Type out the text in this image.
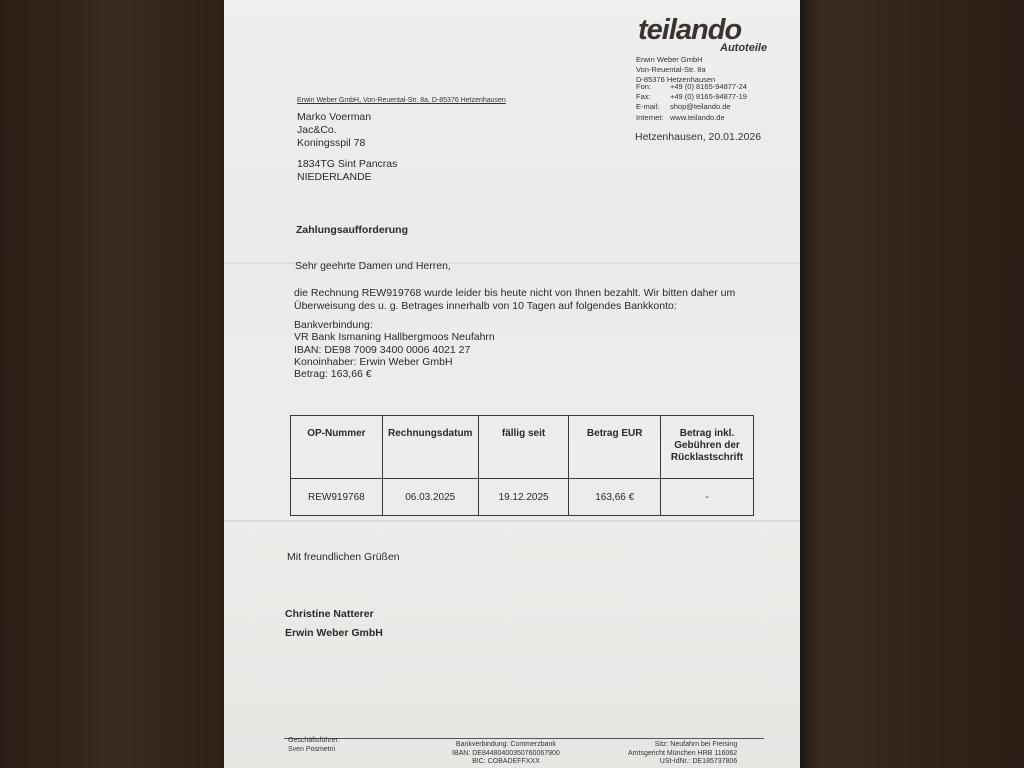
teilando
Autoteile
Erwin Weber GmbH
Von-Reuental-Str. 8a
D-85376 Hetzenhausen
Fon:	+49 (0) 8165-94877-24
Fax:	+49 (0) 8165-94877-19
E-mail:	shop@teilando.de
Internet: www.teilando.de
Hetzenhausen, 20.01.2026
Erwin Weber GmbH, Von-Reuental-Str. 8a, D-85376 Hetzenhausen
Marko Voerman
Jac&Co.
Koningsspil 78
1834TG Sint Pancras
NIEDERLANDE
Zahlungsaufforderung
Sehr geehrte Damen und Herren,
die Rechnung REW919768 wurde leider bis heute nicht von Ihnen bezahlt. Wir bitten daher um
Überweisung des u. g. Betrages innerhalb von 10 Tagen auf folgendes Bankkonto:
Bankverbindung:
VR Bank Ismaning Hallbergmoos Neufahrn
IBAN: DE98 7009 3400 0006 4021 27
Konoinhaber: Erwin Weber GmbH
Betrag: 163,66 €
OP-Nummer	Rechnungsdatum	fällig seit	Betrag EUR	Betrag inkl. Gebühren der Rücklastschrift
REW919768	06.03.2025	19.12.2025	163,66 €	-
Mit freundlichen Grüßen
Christine Natterer
Erwin Weber GmbH
Geschäftsführer:
Sven Posmetni
Bankverbindung: Commerzbank
IBAN: DE84480400350760067900
BIC: COBADEFFXXX
Sitz: Neufahrn bei Freising
Amtsgericht München HRB 116062
USt-IdNr.: DE185737806
